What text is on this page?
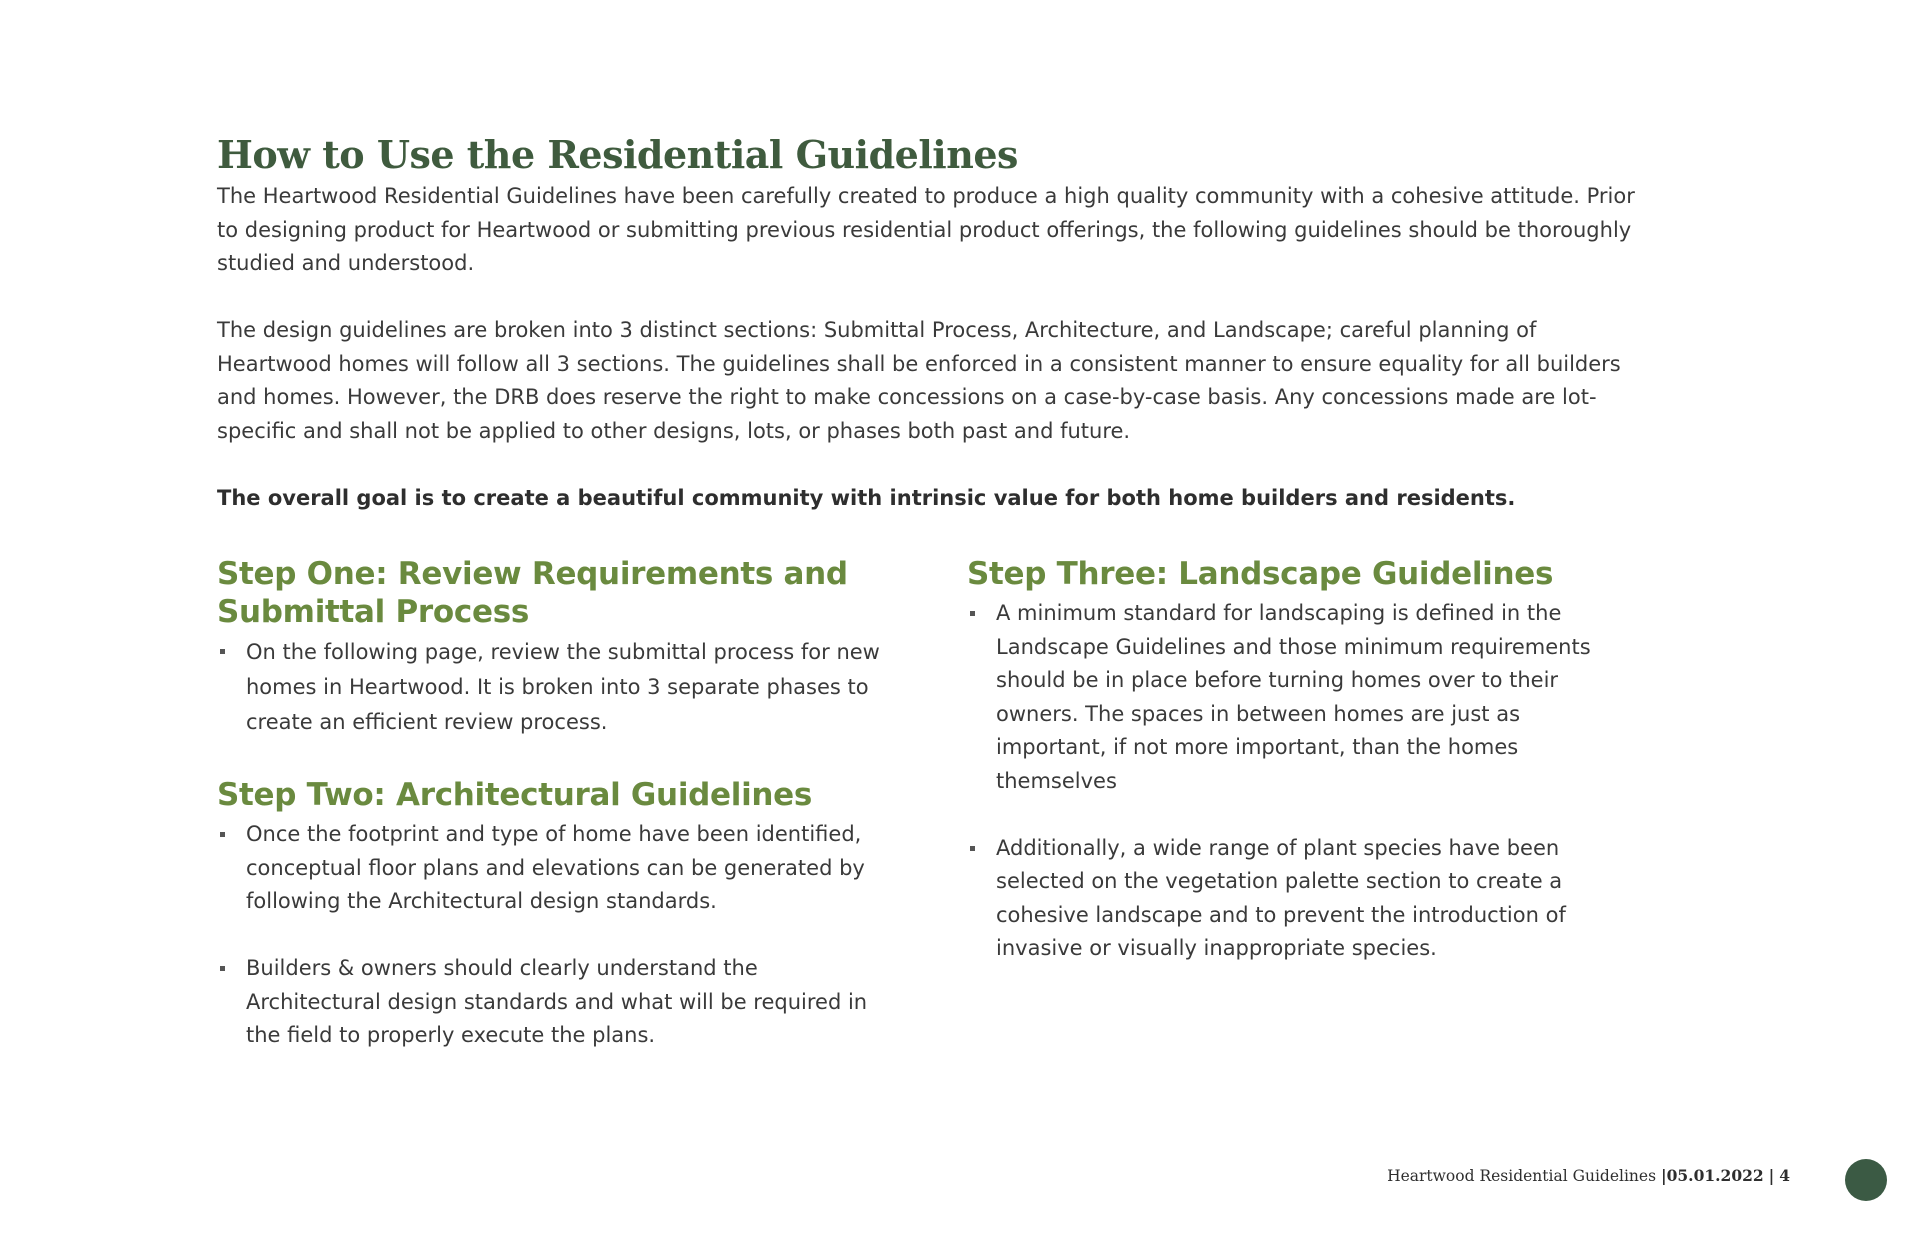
How to Use the Residential Guidelines

The Heartwood Residential Guidelines have been carefully created to produce a high quality community with a cohesive attitude. Prior to designing product for Heartwood or submitting previous residential product offerings, the following guidelines should be thoroughly studied and understood.

The design guidelines are broken into 3 distinct sections: Submittal Process, Architecture, and Landscape; careful planning of Heartwood homes will follow all 3 sections. The guidelines shall be enforced in a consistent manner to ensure equality for all builders and homes. However, the DRB does reserve the right to make concessions on a case-by-case basis. Any concessions made are lot-specific and shall not be applied to other designs, lots, or phases both past and future.

The overall goal is to create a beautiful community with intrinsic value for both home builders and residents.

Step One: Review Requirements and Submittal Process
On the following page, review the submittal process for new homes in Heartwood. It is broken into 3 separate phases to create an efficient review process.
Step Two: Architectural Guidelines
Once the footprint and type of home have been identified, conceptual floor plans and elevations can be generated by following the Architectural design standards.
Builders & owners should clearly understand the Architectural design standards and what will be required in the field to properly execute the plans.
Step Three: Landscape Guidelines
A minimum standard for landscaping is defined in the Landscape Guidelines and those minimum requirements should be in place before turning homes over to their owners. The spaces in between homes are just as important, if not more important, than the homes themselves
Additionally, a wide range of plant species have been selected on the vegetation palette section to create a cohesive landscape and to prevent the introduction of invasive or visually inappropriate species.
Heartwood Residential Guidelines |05.01.2022 | 4
